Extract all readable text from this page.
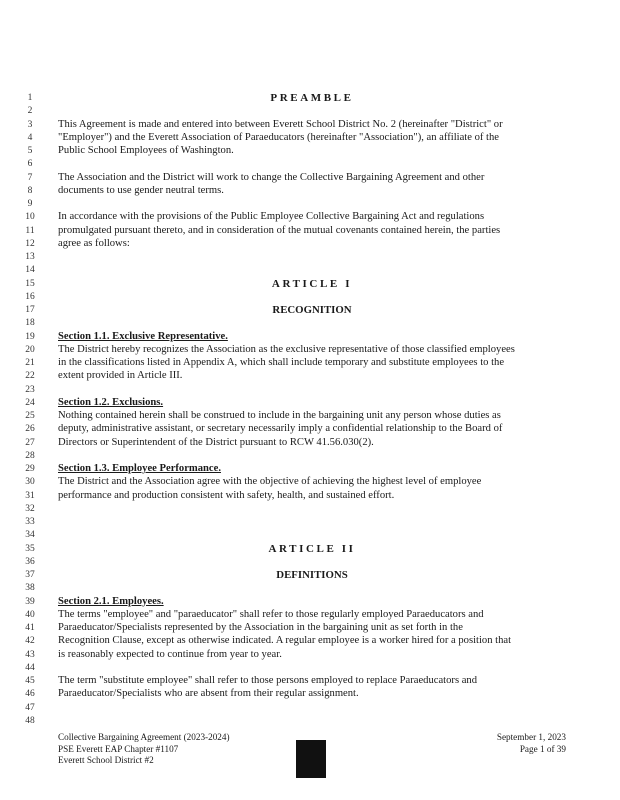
1	PREAMBLE
2
3	This Agreement is made and entered into between Everett School District No. 2 (hereinafter "District" or
4	"Employer") and the Everett Association of Paraeducators (hereinafter "Association"), an affiliate of the
5	Public School Employees of Washington.
6
7	The Association and the District will work to change the Collective Bargaining Agreement and other
8	documents to use gender neutral terms.
9
10	In accordance with the provisions of the Public Employee Collective Bargaining Act and regulations
11	promulgated pursuant thereto, and in consideration of the mutual covenants contained herein, the parties
12	agree as follows:
13
14
15	ARTICLE I
16
17	RECOGNITION
18
19	Section 1.1. Exclusive Representative.
20	The District hereby recognizes the Association as the exclusive representative of those classified employees
21	in the classifications listed in Appendix A, which shall include temporary and substitute employees to the
22	extent provided in Article III.
23
24	Section 1.2. Exclusions.
25	Nothing contained herein shall be construed to include in the bargaining unit any person whose duties as
26	deputy, administrative assistant, or secretary necessarily imply a confidential relationship to the Board of
27	Directors or Superintendent of the District pursuant to RCW 41.56.030(2).
28
29	Section 1.3. Employee Performance.
30	The District and the Association agree with the objective of achieving the highest level of employee
31	performance and production consistent with safety, health, and sustained effort.
32
33
34
35	ARTICLE II
36
37	DEFINITIONS
38
39	Section 2.1. Employees.
40	The terms "employee" and "paraeducator" shall refer to those regularly employed Paraeducators and
41	Paraeducator/Specialists represented by the Association in the bargaining unit as set forth in the
42	Recognition Clause, except as otherwise indicated. A regular employee is a worker hired for a position that
43	is reasonably expected to continue from year to year.
44
45	The term "substitute employee" shall refer to those persons employed to replace Paraeducators and
46	Paraeducator/Specialists who are absent from their regular assignment.
47
48
Collective Bargaining Agreement (2023-2024)
PSE Everett EAP Chapter #1107
Everett School District #2
September 1, 2023
Page 1 of 39
